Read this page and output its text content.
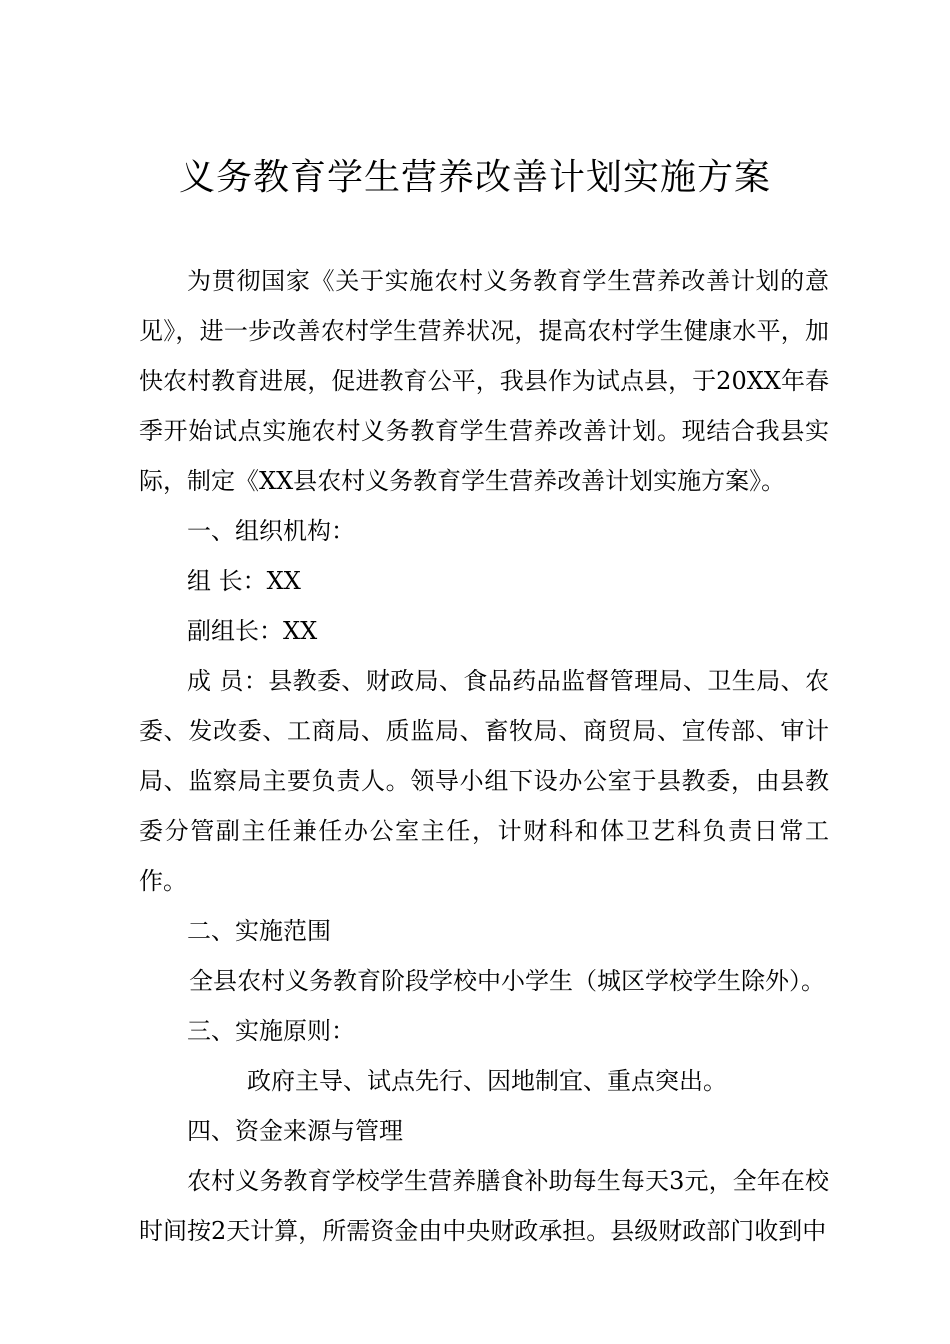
义务教育学生营养改善计划实施方案

为贯彻国家《关于实施农村义务教育学生营养改善计划的意见》，进一步改善农村学生营养状况，提高农村学生健康水平，加快农村教育进展，促进教育公平，我县作为试点县，于20XX年春季开始试点实施农村义务教育学生营养改善计划。现结合我县实际，制定《XX县农村义务教育学生营养改善计划实施方案》。

一、组织机构：

组 长：XX

副组长：XX

成 员：县教委、财政局、食品药品监督管理局、卫生局、农委、发改委、工商局、质监局、畜牧局、商贸局、宣传部、审计局、监察局主要负责人。领导小组下设办公室于县教委，由县教委分管副主任兼任办公室主任，计财科和体卫艺科负责日常工作。

二、实施范围

全县农村义务教育阶段学校中小学生（城区学校学生除外）。

三、实施原则：

政府主导、试点先行、因地制宜、重点突出。

四、资金来源与管理

农村义务教育学校学生营养膳食补助每生每天3元，全年在校时间按2天计算，所需资金由中央财政承担。县级财政部门收到中
